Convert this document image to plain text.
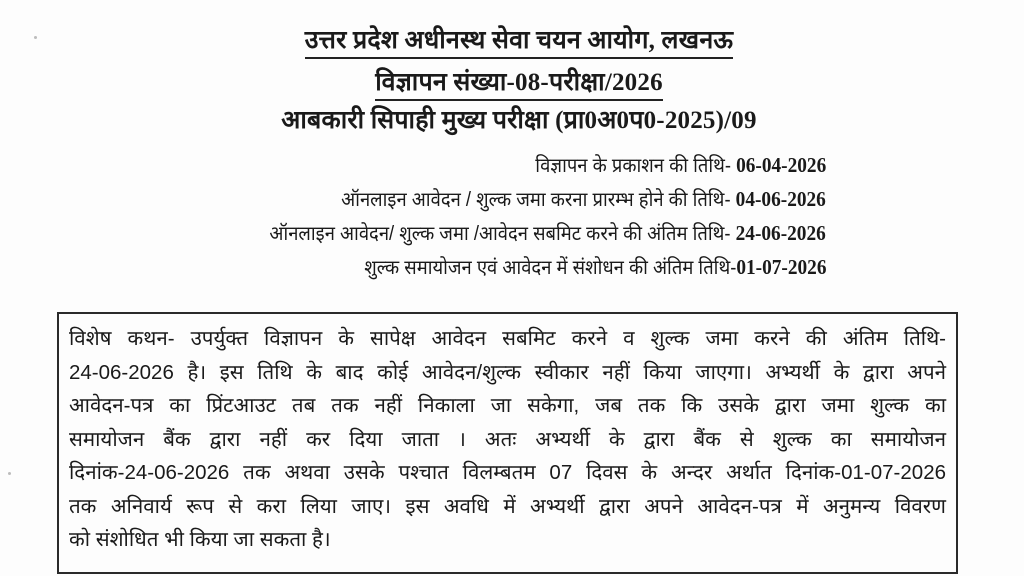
उत्तर प्रदेश अधीनस्थ सेवा चयन आयोग, लखनऊ
विज्ञापन संख्या-08-परीक्षा/2026
आबकारी सिपाही मुख्य परीक्षा (प्रा0अ0प0-2025)/09
विज्ञापन के प्रकाशन की तिथि- 06-04-2026
ऑनलाइन आवेदन / शुल्क जमा करना प्रारम्भ होने की तिथि- 04-06-2026
ऑनलाइन आवेदन/ शुल्क जमा /आवेदन सबमिट करने की अंतिम तिथि- 24-06-2026
शुल्क समायोजन एवं आवेदन में संशोधन की अंतिम तिथि-01-07-2026
विशेष कथन- उपर्युक्त विज्ञापन के सापेक्ष आवेदन सबमिट करने व शुल्क जमा करने की अंतिम तिथि-
24-06-2026 है। इस तिथि के बाद कोई आवेदन/शुल्क स्वीकार नहीं किया जाएगा। अभ्यर्थी के द्वारा अपने
आवेदन-पत्र का प्रिंटआउट तब तक नहीं निकाला जा सकेगा, जब तक कि उसके द्वारा जमा शुल्क का
समायोजन बैंक द्वारा नहीं कर दिया जाता । अतः अभ्यर्थी के द्वारा बैंक से शुल्क का समायोजन
दिनांक-24-06-2026 तक अथवा उसके पश्चात विलम्बतम 07 दिवस के अन्दर अर्थात दिनांक-01-07-2026
तक अनिवार्य रूप से करा लिया जाए। इस अवधि में अभ्यर्थी द्वारा अपने आवेदन-पत्र में अनुमन्य विवरण
को संशोधित भी किया जा सकता है।
